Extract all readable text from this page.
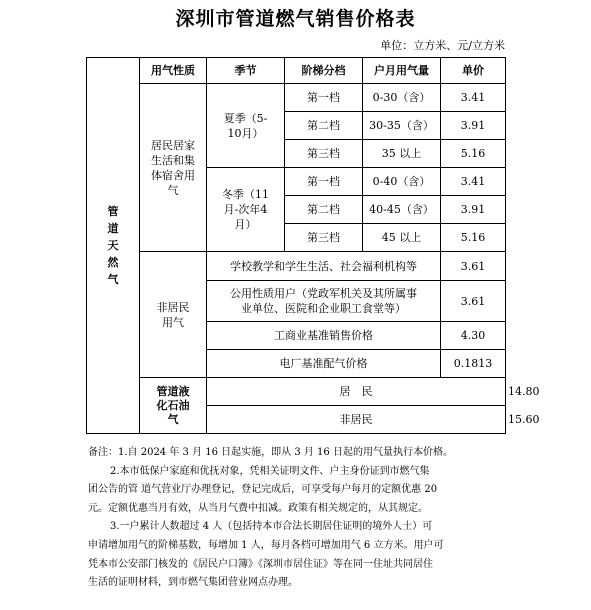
深圳市管道燃气销售价格表
单位：立方米、元/立方米
管道天然气	用气性质	季节	阶梯分档	户月用气量	单价	

	居民居家生活和集体宿舍用气	夏季（5-10月）	第一档	0-30（含）	3.41	
			第二档	30-35（含）	3.91	
			第三档	35 以上	5.16	

		冬季（11月-次年4月）	第一档	0-40（含）	3.41	
			第二档	40-45（含）	3.91	
			第三档	45 以上	5.16	

	非居民用气	学校教学和学生生活、社会福利机构等			3.61	

		公用性质用户（党政军机关及其所属事业单位、医院和企业职工食堂等）			3.61	
		工商业基准销售价格			4.30	
		电厂基准配气价格			0.1813	

	管道液化石油气	居　民				14.80
		非居民				15.60

备注：1.自 2024 年 3 月 16 日起实施，即从 3 月 16 日起的用气量执行本价格。

2.本市低保户家庭和优抚对象，凭相关证明文件、户主身份证到市燃气集

团公告的管 道气营业厅办理登记，登记完成后，可享受每户每月的定额优惠 20

元。定额优惠当月有效，从当月气费中扣减。政策有相关规定的，从其规定。

3.一户累计人数超过 4 人（包括持本市合法长期居住证明的境外人士）可

申请增加用气的阶梯基数，每增加 1 人，每月各档可增加用气 6 立方米。用户可

凭本市公安部门核发的《居民户口簿》《深圳市居住证》等在同一住址共同居住

生活的证明材料，到市燃气集团营业网点办理。
